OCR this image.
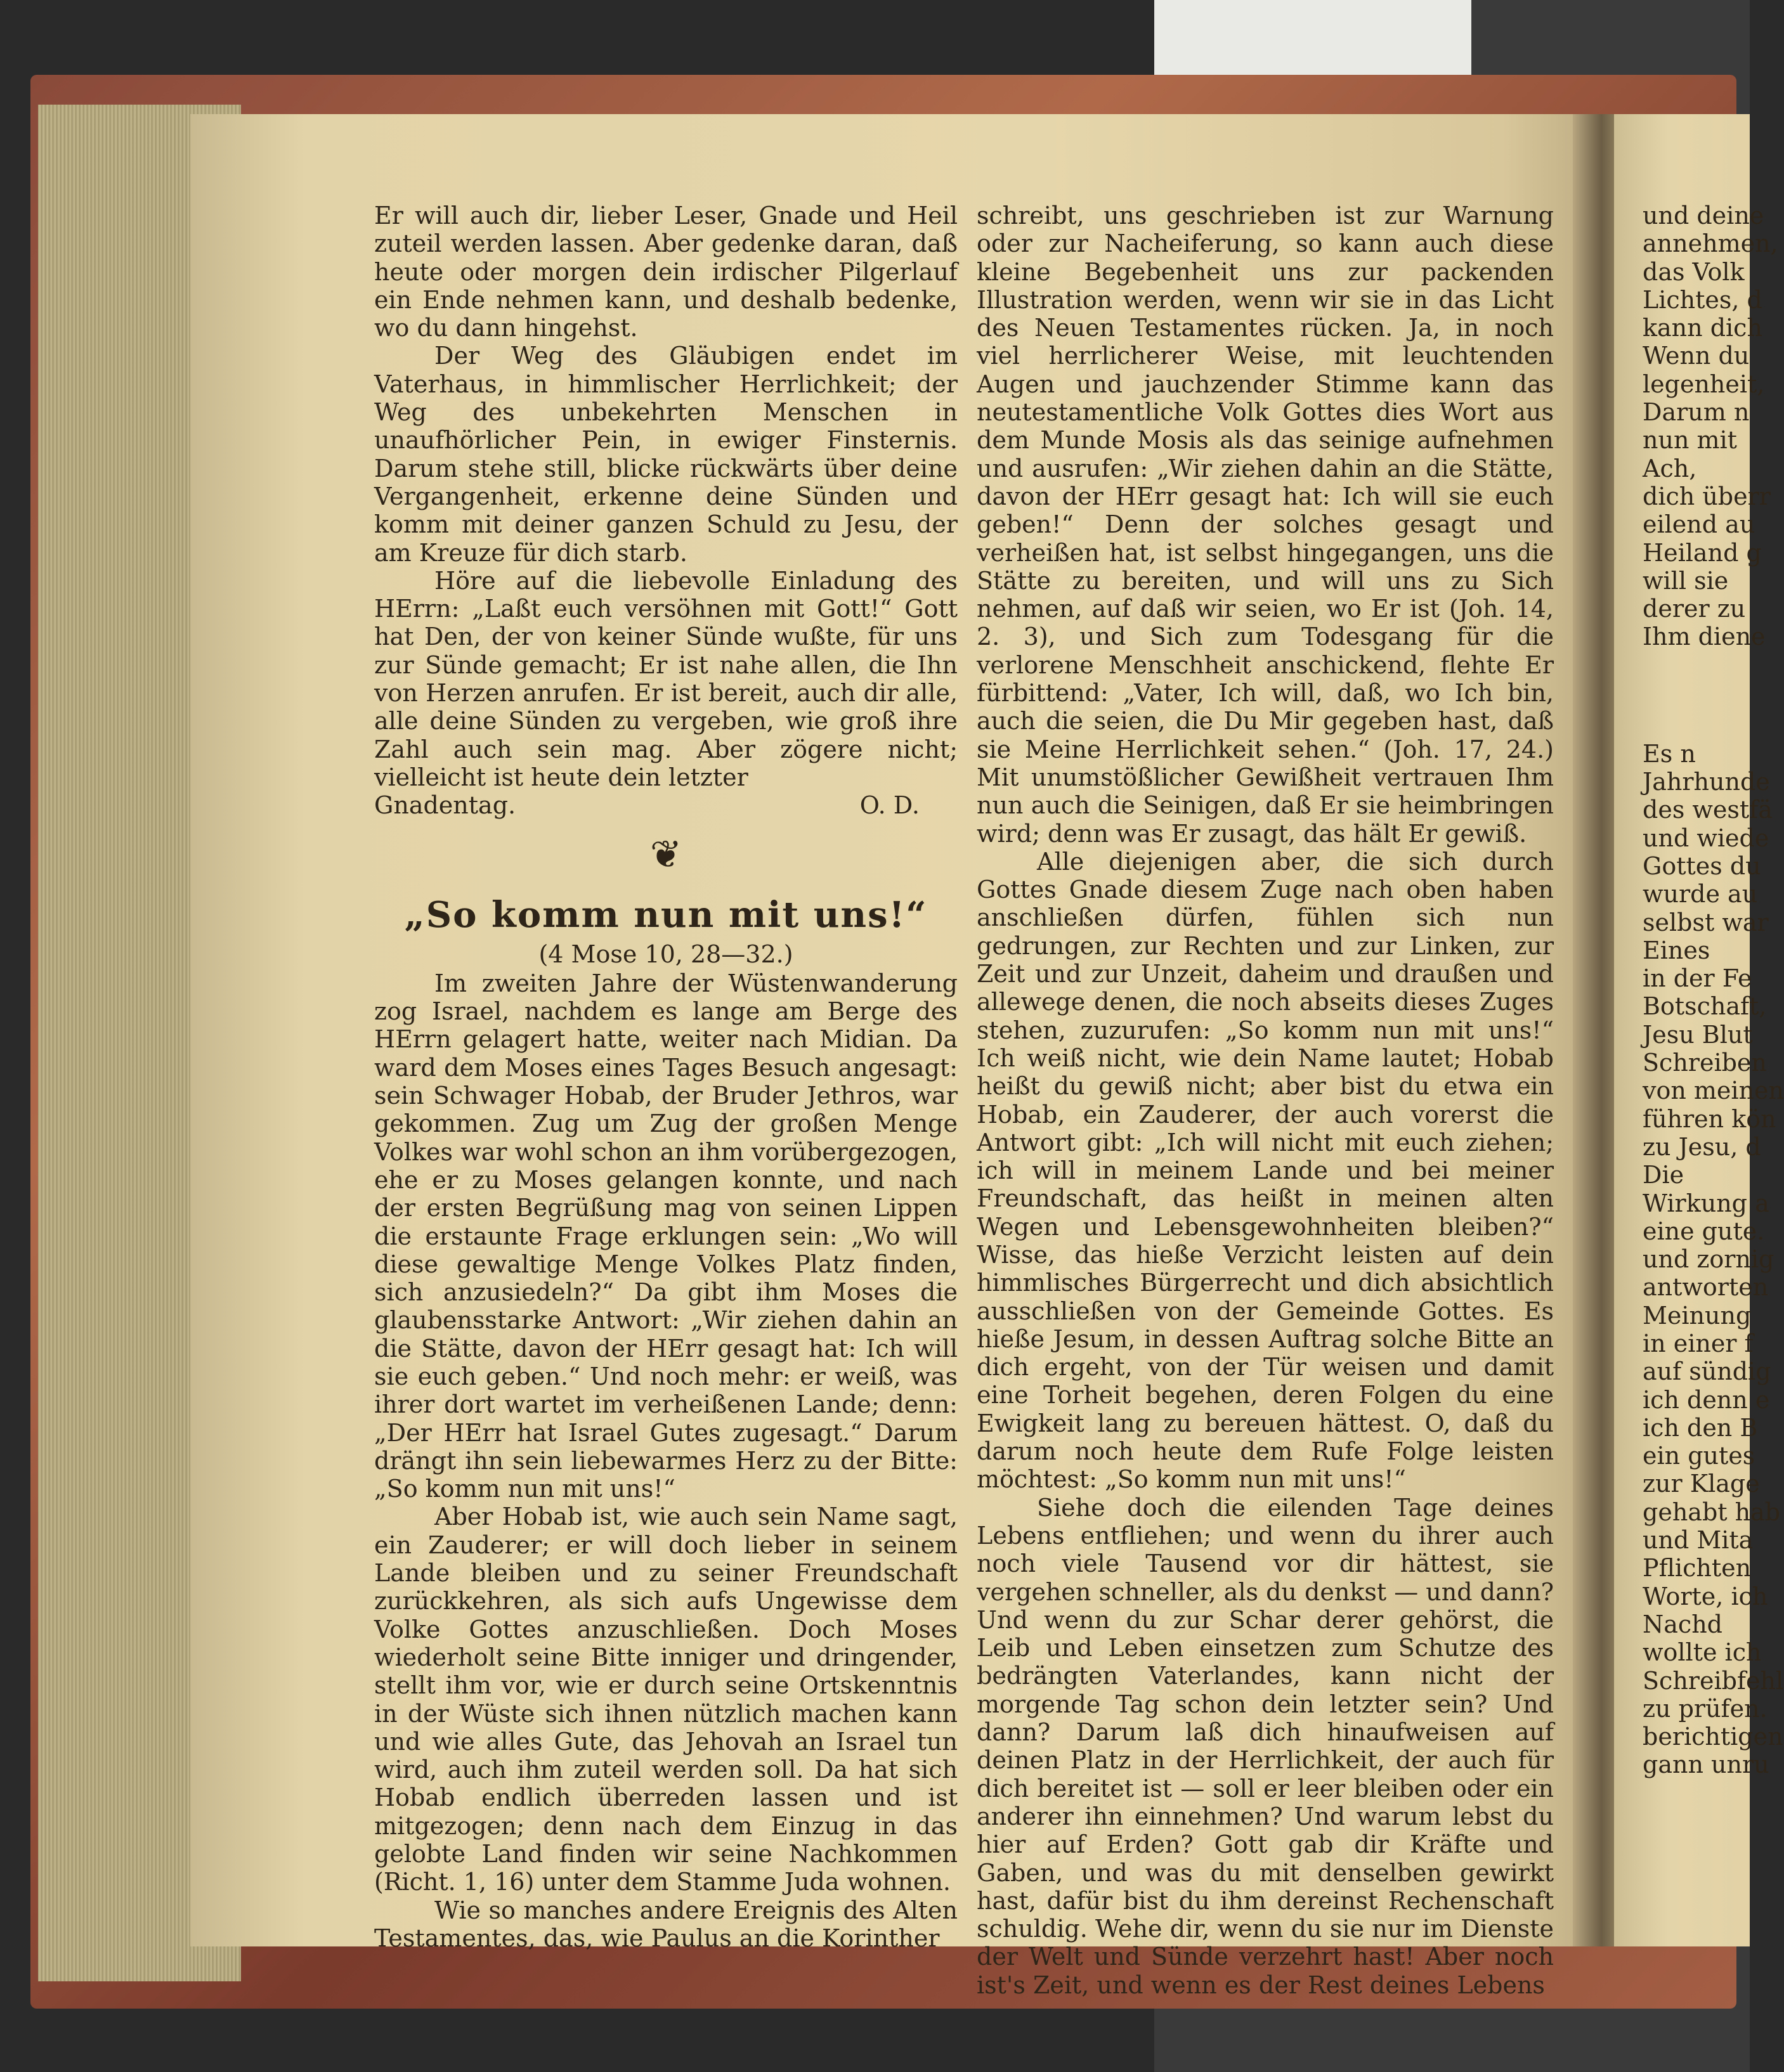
Er will auch dir, lieber Leser, Gnade und Heil zuteil werden lassen. Aber gedenke daran, daß heute oder morgen dein irdischer Pilgerlauf ein Ende nehmen kann, und deshalb bedenke, wo du dann hingehst.

Der Weg des Gläubigen endet im Vaterhaus, in himmlischer Herrlichkeit; der Weg des unbekehrten Menschen in unaufhörlicher Pein, in ewiger Finsternis. Darum stehe still, blicke rückwärts über deine Vergangenheit, erkenne deine Sünden und komm mit deiner ganzen Schuld zu Jesu, der am Kreuze für dich starb.

Höre auf die liebevolle Einladung des HErrn: „Laßt euch versöhnen mit Gott!“ Gott hat Den, der von keiner Sünde wußte, für uns zur Sünde gemacht; Er ist nahe allen, die Ihn von Herzen anrufen. Er ist bereit, auch dir alle, alle deine Sünden zu vergeben, wie groß ihre Zahl auch sein mag. Aber zögere nicht; vielleicht ist heute dein letzter

Gnadentag.	O. D.
❦
„So komm nun mit uns!“
(4 Mose 10, 28—32.)

Im zweiten Jahre der Wüstenwanderung zog Israel, nachdem es lange am Berge des HErrn gelagert hatte, weiter nach Midian. Da ward dem Moses eines Tages Besuch angesagt: sein Schwager Hobab, der Bruder Jethros, war gekommen. Zug um Zug der großen Menge Volkes war wohl schon an ihm vorübergezogen, ehe er zu Moses gelangen konnte, und nach der ersten Begrüßung mag von seinen Lippen die erstaunte Frage erklungen sein: „Wo will diese gewaltige Menge Volkes Platz finden, sich anzusiedeln?“ Da gibt ihm Moses die glaubensstarke Antwort: „Wir ziehen dahin an die Stätte, davon der HErr gesagt hat: Ich will sie euch geben.“ Und noch mehr: er weiß, was ihrer dort wartet im verheißenen Lande; denn: „Der HErr hat Israel Gutes zugesagt.“ Darum drängt ihn sein liebewarmes Herz zu der Bitte: „So komm nun mit uns!“

Aber Hobab ist, wie auch sein Name sagt, ein Zauderer; er will doch lieber in seinem Lande bleiben und zu seiner Freundschaft zurückkehren, als sich aufs Ungewisse dem Volke Gottes anzuschließen. Doch Moses wiederholt seine Bitte inniger und dringender, stellt ihm vor, wie er durch seine Ortskenntnis in der Wüste sich ihnen nützlich machen kann und wie alles Gute, das Jehovah an Israel tun wird, auch ihm zuteil werden soll. Da hat sich Hobab endlich überreden lassen und ist mitgezogen; denn nach dem Einzug in das gelobte Land finden wir seine Nachkommen (Richt. 1, 16) unter dem Stamme Juda wohnen.

Wie so manches andere Ereignis des Alten Testamentes, das, wie Paulus an die Korinther

schreibt, uns geschrieben ist zur Warnung oder zur Nacheiferung, so kann auch diese kleine Begebenheit uns zur packenden Illustration werden, wenn wir sie in das Licht des Neuen Testamentes rücken. Ja, in noch viel herrlicherer Weise, mit leuchtenden Augen und jauchzender Stimme kann das neutestamentliche Volk Gottes dies Wort aus dem Munde Mosis als das seinige aufnehmen und ausrufen: „Wir ziehen dahin an die Stätte, davon der HErr gesagt hat: Ich will sie euch geben!“ Denn der solches gesagt und verheißen hat, ist selbst hingegangen, uns die Stätte zu bereiten, und will uns zu Sich nehmen, auf daß wir seien, wo Er ist (Joh. 14, 2. 3), und Sich zum Todesgang für die verlorene Menschheit anschickend, flehte Er fürbittend: „Vater, Ich will, daß, wo Ich bin, auch die seien, die Du Mir gegeben hast, daß sie Meine Herrlichkeit sehen.“ (Joh. 17, 24.) Mit unumstößlicher Gewißheit vertrauen Ihm nun auch die Seinigen, daß Er sie heimbringen wird; denn was Er zusagt, das hält Er gewiß.

Alle diejenigen aber, die sich durch Gottes Gnade diesem Zuge nach oben haben anschließen dürfen, fühlen sich nun gedrungen, zur Rechten und zur Linken, zur Zeit und zur Unzeit, daheim und draußen und allewege denen, die noch abseits dieses Zuges stehen, zuzurufen: „So komm nun mit uns!“ Ich weiß nicht, wie dein Name lautet; Hobab heißt du gewiß nicht; aber bist du etwa ein Hobab, ein Zauderer, der auch vorerst die Antwort gibt: „Ich will nicht mit euch ziehen; ich will in meinem Lande und bei meiner Freundschaft, das heißt in meinen alten Wegen und Lebensgewohnheiten bleiben?“ Wisse, das hieße Verzicht leisten auf dein himmlisches Bürgerrecht und dich absichtlich ausschließen von der Gemeinde Gottes. Es hieße Jesum, in dessen Auftrag solche Bitte an dich ergeht, von der Tür weisen und damit eine Torheit begehen, deren Folgen du eine Ewigkeit lang zu bereuen hättest. O, daß du darum noch heute dem Rufe Folge leisten möchtest: „So komm nun mit uns!“

Siehe doch die eilenden Tage deines Lebens entfliehen; und wenn du ihrer auch noch viele Tausend vor dir hättest, sie vergehen schneller, als du denkst — und dann? Und wenn du zur Schar derer gehörst, die Leib und Leben einsetzen zum Schutze des bedrängten Vaterlandes, kann nicht der morgende Tag schon dein letzter sein? Und dann? Darum laß dich hinaufweisen auf deinen Platz in der Herrlichkeit, der auch für dich bereitet ist — soll er leer bleiben oder ein anderer ihn einnehmen? Und warum lebst du hier auf Erden? Gott gab dir Kräfte und Gaben, und was du mit denselben gewirkt hast, dafür bist du ihm dereinst Rechenschaft schuldig. Wehe dir, wenn du sie nur im Dienste der Welt und Sünde verzehrt hast! Aber noch ist's Zeit, und wenn es der Rest deines Lebens

und deine
annehmen,
das Volk
Lichtes, d
kann dich
Wenn du
legenheit,
Darum n
nun mit
Ach,
dich überr
eilend au
Heiland g
will sie
derer zu
Ihm diene
Es n
Jahrhunde
des westfä
und wiede
Gottes du
wurde au
selbst war
Eines
in der Fe
Botschaft,
Jesu Blut
Schreiben
von meinen
führen kön
zu Jesu, d
Die
Wirkung a
eine gute.
und zornig
antworten
Meinung
in einer f
auf sündig
ich denn e
ich den B
ein gutes
zur Klage
gehabt hab
und Mita
Pflichten
Worte, ich
Nachd
wollte ich
Schreibfehl
zu prüfen.
berichtigen
gann unru
